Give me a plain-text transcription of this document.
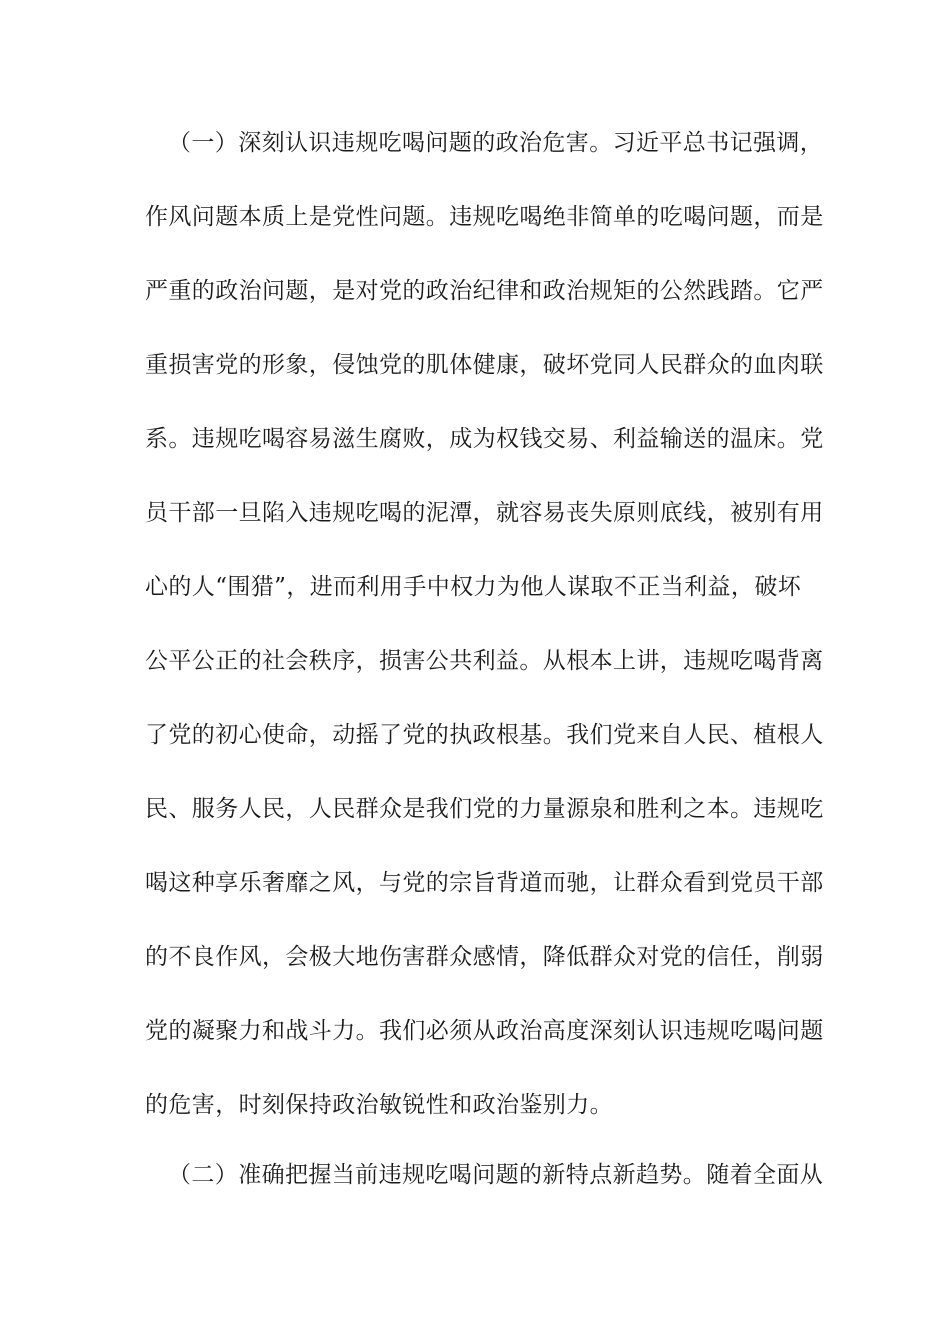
（一）深刻认识违规吃喝问题的政治危害。习近平总书记强调，
作风问题本质上是党性问题。违规吃喝绝非简单的吃喝问题，而是
严重的政治问题，是对党的政治纪律和政治规矩的公然践踏。它严
重损害党的形象，侵蚀党的肌体健康，破坏党同人民群众的血肉联
系。违规吃喝容易滋生腐败，成为权钱交易、利益输送的温床。党
员干部一旦陷入违规吃喝的泥潭，就容易丧失原则底线，被别有用
心的人“围猎”，进而利用手中权力为他人谋取不正当利益，破坏
公平公正的社会秩序，损害公共利益。从根本上讲，违规吃喝背离
了党的初心使命，动摇了党的执政根基。我们党来自人民、植根人
民、服务人民，人民群众是我们党的力量源泉和胜利之本。违规吃
喝这种享乐奢靡之风，与党的宗旨背道而驰，让群众看到党员干部
的不良作风，会极大地伤害群众感情，降低群众对党的信任，削弱
党的凝聚力和战斗力。我们必须从政治高度深刻认识违规吃喝问题
的危害，时刻保持政治敏锐性和政治鉴别力。
（二）准确把握当前违规吃喝问题的新特点新趋势。随着全面从
